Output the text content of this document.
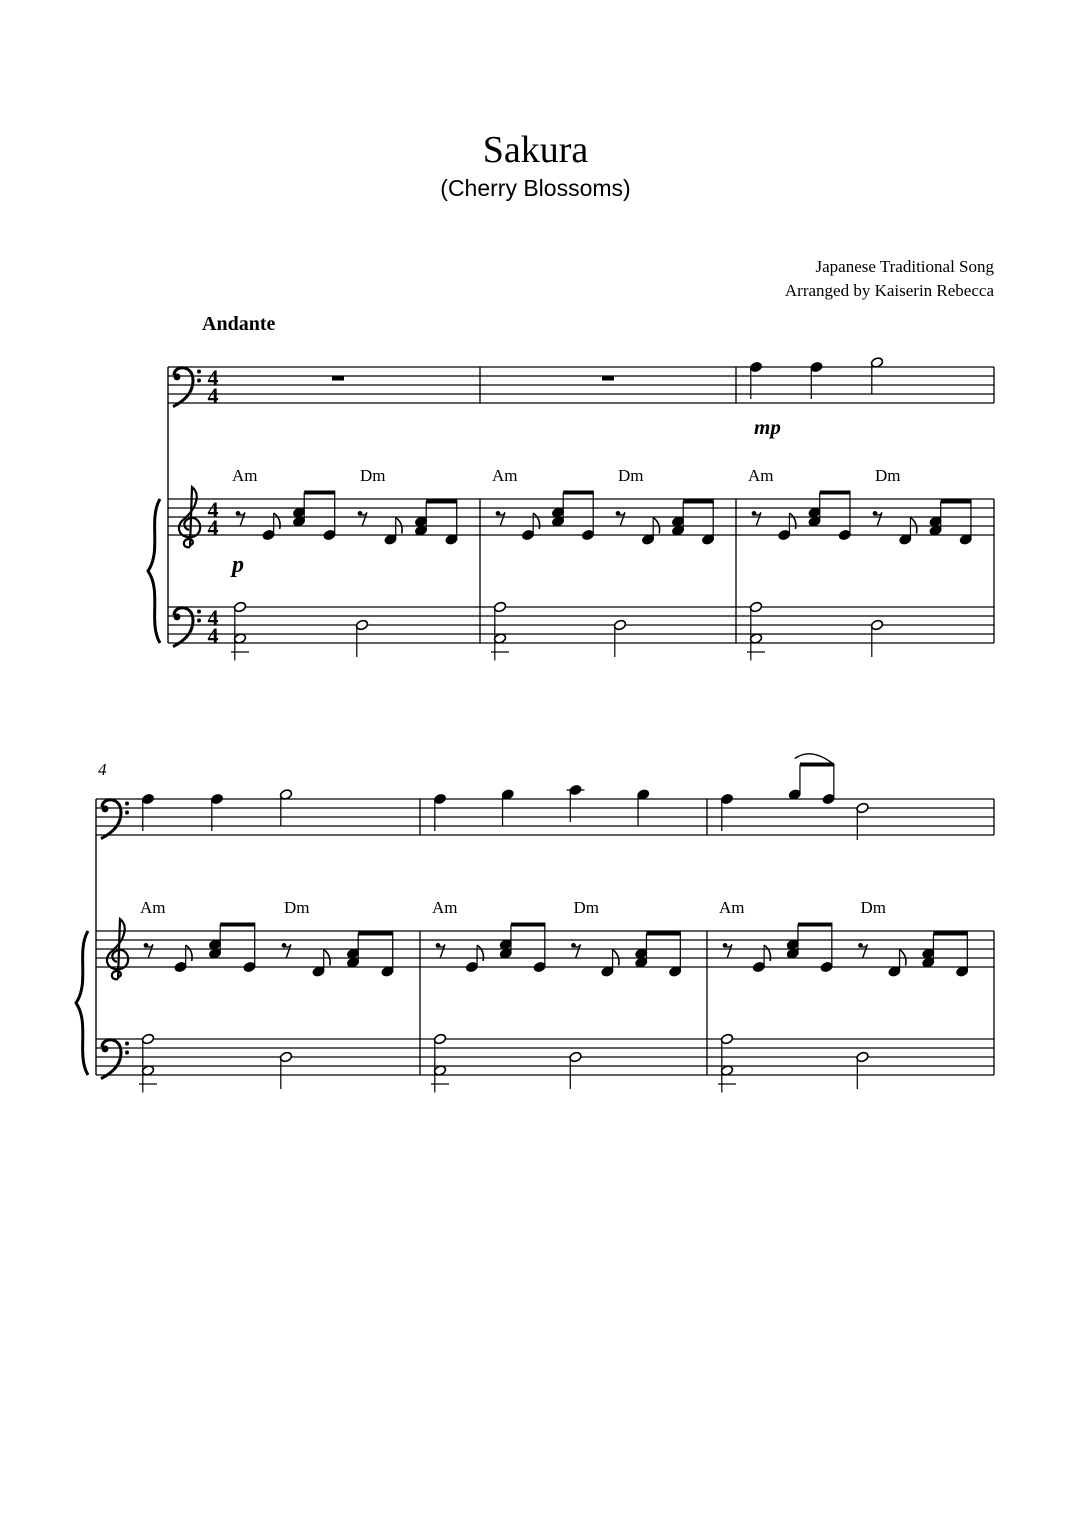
Sakura
(Cherry Blossoms)
Japanese Traditional Song
Arranged by Kaiserin Rebecca
Andante
4
4
4
4
4
4
Am	Dm
p
Am	Dm
mp
Am	Dm
4
Am	Dm	Am	Dm	Am	Dm
